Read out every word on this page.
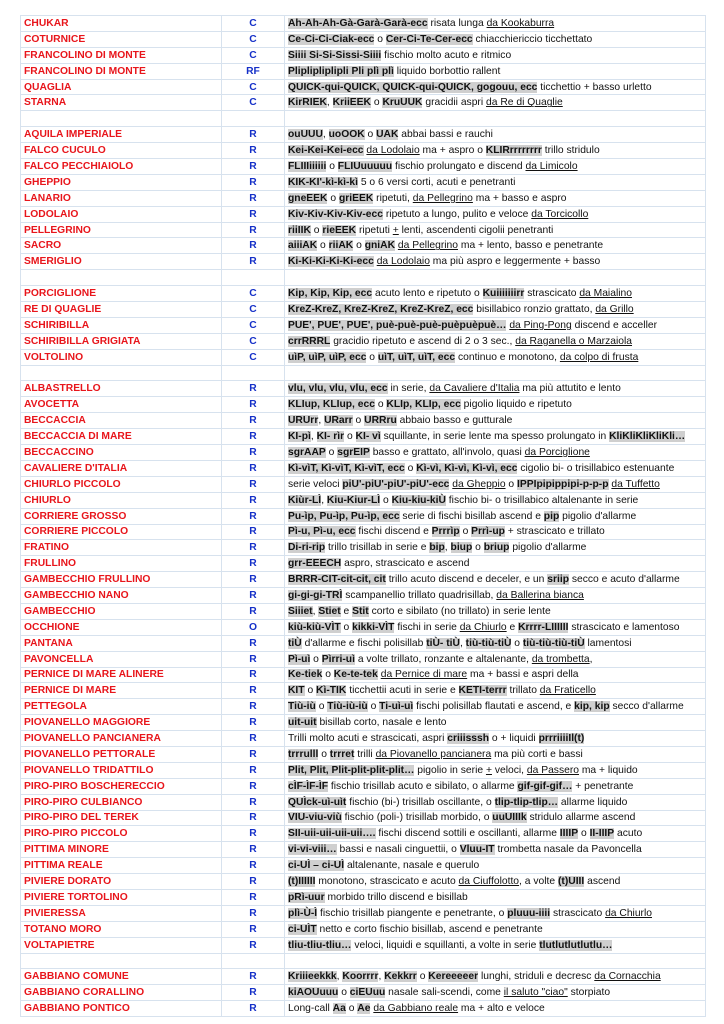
CHUKAR	C	Ah-Ah-Ah-Gà-Garà-Garà-ecc risata lunga da Kookaburra
COTURNICE	C	Ce-Ci-Ci-Ciak-ecc o Cer-Ci-Te-Cer-ecc chiacchiericcio ticchettato
FRANCOLINO DI MONTE	C	Siiii Si-Si-Sissi-Siiii fischio molto acuto e ritmico
FRANCOLINO DI MONTE	RF	Pliplipliplipli Pli plì plì liquido borbottio rallent
QUAGLIA	C	QUICK-qui-QUICK, QUICK-qui-QUICK, gogouu, ecc ticchettio + basso urletto
STARNA	C	KirRIEK, KriiEEK o KruUUK gracidii aspri da Re di Quaglie

AQUILA IMPERIALE	R	ouUUU, uoOOK o UAK abbai bassi e rauchi
FALCO CUCULO	R	Kei-Kei-Kei-ecc da Lodolaio ma + aspro o KLIRrrrrrrrr trillo stridulo
FALCO PECCHIAIOLO	R	FLIIIiiiiii o FLIUuuuuu fischio prolungato e discend da Limicolo
GHEPPIO	R	KIK-KI'-kì-kì-kì 5 o 6 versi corti, acuti e penetranti
LANARIO	R	gneEEK o griEEK ripetuti, da Pellegrino ma + basso e aspro
LODOLAIO	R	Kiv-Kiv-Kiv-Kiv-ecc ripetuto a lungo, pulito e veloce da Torcicollo
PELLEGRINO	R	riiIIK o rieEEK ripetuti + lenti, ascendenti cigolii penetranti
SACRO	R	aiiiAK o riiAK o gniAK da Pellegrino ma + lento, basso e penetrante
SMERIGLIO	R	Ki-Ki-Ki-Ki-Ki-ecc da Lodolaio ma più aspro e leggermente + basso

PORCIGLIONE	C	Kip, Kip, Kip, ecc acuto lento e ripetuto o Kuiiiiiiirr strascicato da Maialino
RE DI QUAGLIE	C	KreZ-KreZ, KreZ-KreZ, KreZ-KreZ, ecc bisillabico ronzio grattato, da Grillo
SCHIRIBILLA	C	PUE', PUE', PUE', puè-puè-puè-puèpuèpuè… da Ping-Pong discend e acceller
SCHIRIBILLA GRIGIATA	C	crrRRRL gracidio ripetuto e ascend di 2 o 3 sec., da Raganella o Marzaiola
VOLTOLINO	C	uìP, uìP, uìP, ecc o uìT, uìT, uìT, ecc continuo e monotono, da colpo di frusta

ALBASTRELLO	R	vlu, vlu, vlu, vlu, ecc in serie, da Cavaliere d'Italia ma più attutito e lento
AVOCETTA	R	KLIup, KLIup, ecc o KLIp, KLIp, ecc pigolio liquido e ripetuto
BECCACCIA	R	URUrr, URarr o URRru abbaio basso e gutturale
BECCACCIA DI MARE	R	KI-pì, KI- rìr o KI- vì squillante, in serie lente ma spesso prolungato in KliKliKliKliKli…
BECCACCINO	R	sgrAAP o sgrEIP basso e grattato, all'involo, quasi da Porciglione
CAVALIERE D'ITALIA	R	Kì-vìT, Kì-vìT, Kì-vìT, ecc o Kì-vì, Kì-vì, Kì-vì, ecc cigolio bi- o trisillabico estenuante
CHIURLO PICCOLO	R	serie veloci piU'-piU'-piU'-piU'-ecc da Gheppio o IPPIpipippipi-p-p-p da Tuffetto
CHIURLO	R	Kiùr-LÌ, Kiu-Kiur-LÌ o Kiu-kiu-kiÙ fischio bi- o trisillabico altalenante in serie
CORRIERE GROSSO	R	Pu-ìp, Pu-ìp, Pu-ìp, ecc serie di fischi bisillab ascend e pip pigolio d'allarme
CORRIERE PICCOLO	R	Pì-u, Pì-u, ecc fischi discend e Prrrìp o Prrì-up + strascicato e trillato
FRATINO	R	Di-ri-rip trillo trisillab in serie e bip, biup o briup pigolio d'allarme
FRULLINO	R	grr-EEECH aspro, strascicato e ascend
GAMBECCHIO FRULLINO	R	BRRR-CIT-cit-cit, cit trillo acuto discend e deceler, e un sriip secco e acuto d'allarme
GAMBECCHIO NANO	R	gi-gi-gi-TRÌ scampanellio trillato quadrisillab, da Ballerina bianca
GAMBECCHIO	R	Siiiet, Stiet e Stit corto e sibilato (no trillato) in serie lente
OCCHIONE	O	kiù-kiù-VÌT o kikki-VÌT fischi in serie da Chiurlo e Krrrr-LIIIIII strascicato e lamentoso
PANTANA	R	tiÙ d'allarme e fischi polisillab tiÙ- tiÙ, tiù-tiù-tiÙ o tiù-tiù-tiù-tiÙ lamentosi
PAVONCELLA	R	Pì-uì o Pìrri-uì a volte trillato, ronzante e altalenante, da trombetta,
PERNICE DI MARE ALINERE	R	Ke-tiek o Ke-te-tek da Pernice di mare ma + bassi e aspri della
PERNICE DI MARE	R	KIT o Kì-TIK ticchettii acuti in serie e KETI-terrr trillato da Fraticello
PETTEGOLA	R	Tiù-iù o Tiù-iù-iù o Ti-uì-uì fischi polisillab flautati e ascend, e kip, kip secco d'allarme
PIOVANELLO MAGGIORE	R	uit-uit bisillab corto, nasale e lento
PIOVANELLO PANCIANERA	R	Trilli molto acuti e strascicati, aspri criiisssh o + liquidi prrriiiiIl(t)
PIOVANELLO PETTORALE	R	trrrulll o trrret trilli da Piovanello pancianera ma più corti e bassi
PIOVANELLO TRIDATTILO	R	Plit, Plit, Plit-plit-plit-plit… pigolio in serie + veloci, da Passero ma + liquido
PIRO-PIRO BOSCHERECCIO	R	cÌF-ÌF-ÌF fischio trisillab acuto e sibilato, o allarme gif-gif-gif… + penetrante
PIRO-PIRO CULBIANCO	R	QUÌck-uì-uìt fischio (bi-) trisillab oscillante, o tlip-tlip-tlip… allarme liquido
PIRO-PIRO DEL TEREK	R	VIU-viu-viù fischio (poli-) trisillab morbido, o uuUIIIk stridulo allarme ascend
PIRO-PIRO PICCOLO	R	SII-uii-uii-uii-uii…. fischi discend sottili e oscillanti, allarme IIIIP o II-IIIP acuto
PITTIMA MINORE	R	vi-vi-viii… bassi e nasali cinguettii, o Vluu-IT trombetta nasale da Pavoncella
PITTIMA REALE	R	ci-UÌ – ci-UÌ altalenante, nasale e querulo
PIVIERE DORATO	R	(t)IIIIII monotono, strascicato e acuto da Ciuffolotto, a volte (t)UIII ascend
PIVIERE TORTOLINO	R	pRì-uur morbido trillo discend e bisillab
PIVIERESSA	R	plì-Ù-Ì fischio trisillab piangente e penetrante, o pluuu-iiii strascicato da Chiurlo
TOTANO MORO	R	ci-UÌT netto e corto fischio bisillab, ascend e penetrante
VOLTAPIETRE	R	tliu-tliu-tliu… veloci, liquidi e squillanti, a volte in serie tlutlutlutlutlu…

GABBIANO COMUNE	R	Kriiieekkk, Koorrrr, Kekkrr o Kereeeeer lunghi, striduli e decresc da Cornacchia
GABBIANO CORALLINO	R	kiAOUuuu o ciEUuu nasale sali-scendi, come il saluto "ciao" storpiato
GABBIANO PONTICO	R	Long-call Aa o Ae da Gabbiano reale ma + alto e veloce
